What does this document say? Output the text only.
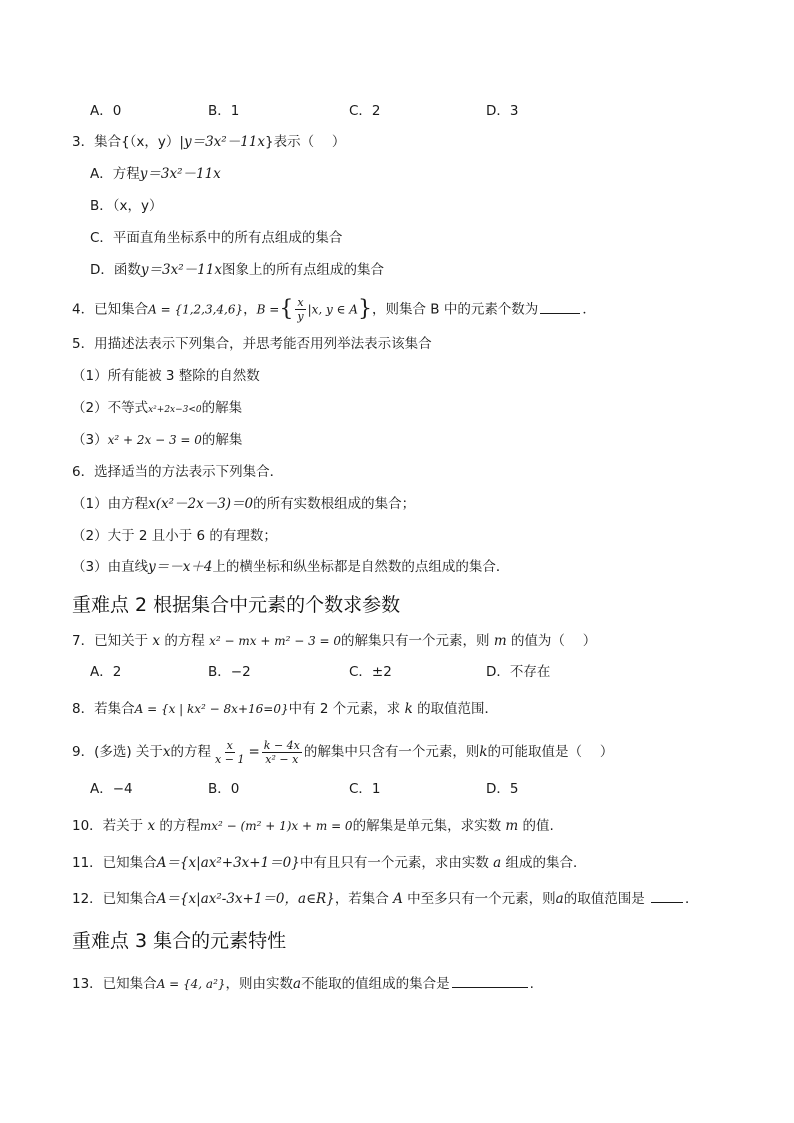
A．0	B．1	C．2	D．3
3．集合{（x，y）|y＝3x²－11x}表示（　 ）
A．方程y＝3x²－11x
B．（x，y）
C．平面直角坐标系中的所有点组成的集合
D．函数y＝3x²－11x图象上的所有点组成的集合
4．已知集合A = {1,2,3,4,6}，B ={ $\frac{x}{y} |x$, y ∈ A}，则集合 B 中的元素个数为	．
5．用描述法表示下列集合，并思考能否用列举法表示该集合
（1）所有能被 3 整除的自然数
（2）不等式x²+2x−3<0的解集
（3）x² + 2x − 3 = 0的解集
6．选择适当的方法表示下列集合．
（1）由方程x(x²－2x－3)＝0的所有实数根组成的集合；
（2）大于 2 且小于 6 的有理数；
（3）由直线y＝－x＋4上的横坐标和纵坐标都是自然数的点组成的集合．
重难点 2 根据集合中元素的个数求参数
7．已知关于 x 的方程 x² − mx + m² − 3 = 0的解集只有一个元素，则 m 的值为（　 ）
A．2	B．−2	C．±2	D．不存在
8．若集合A = {x | kx² − 8x+16=0}中有 2 个元素，求 k 的取值范围．
9．(多选) 关于x的方程 $\frac{x}{x - 1} = \frac{k - 4x}{\text{x² − x}}$ 的解集中只含有一个元素，则k的可能取值是（　 ）
A．−4	B．0	C．1	D．5
10．若关于 x 的方程mx² − (m² + 1)x + m = 0的解集是单元集，求实数 m 的值.
11．已知集合A＝{x|ax²+3x+1＝0}中有且只有一个元素，求由实数 a 组成的集合．
12．已知集合A＝{x|ax²-3x+1＝0，a∈R}，若集合 A 中至多只有一个元素，则a的取值范围是	．
重难点 3 集合的元素特性
13．已知集合A = {4, a²}，则由实数a不能取的值组成的集合是	.
